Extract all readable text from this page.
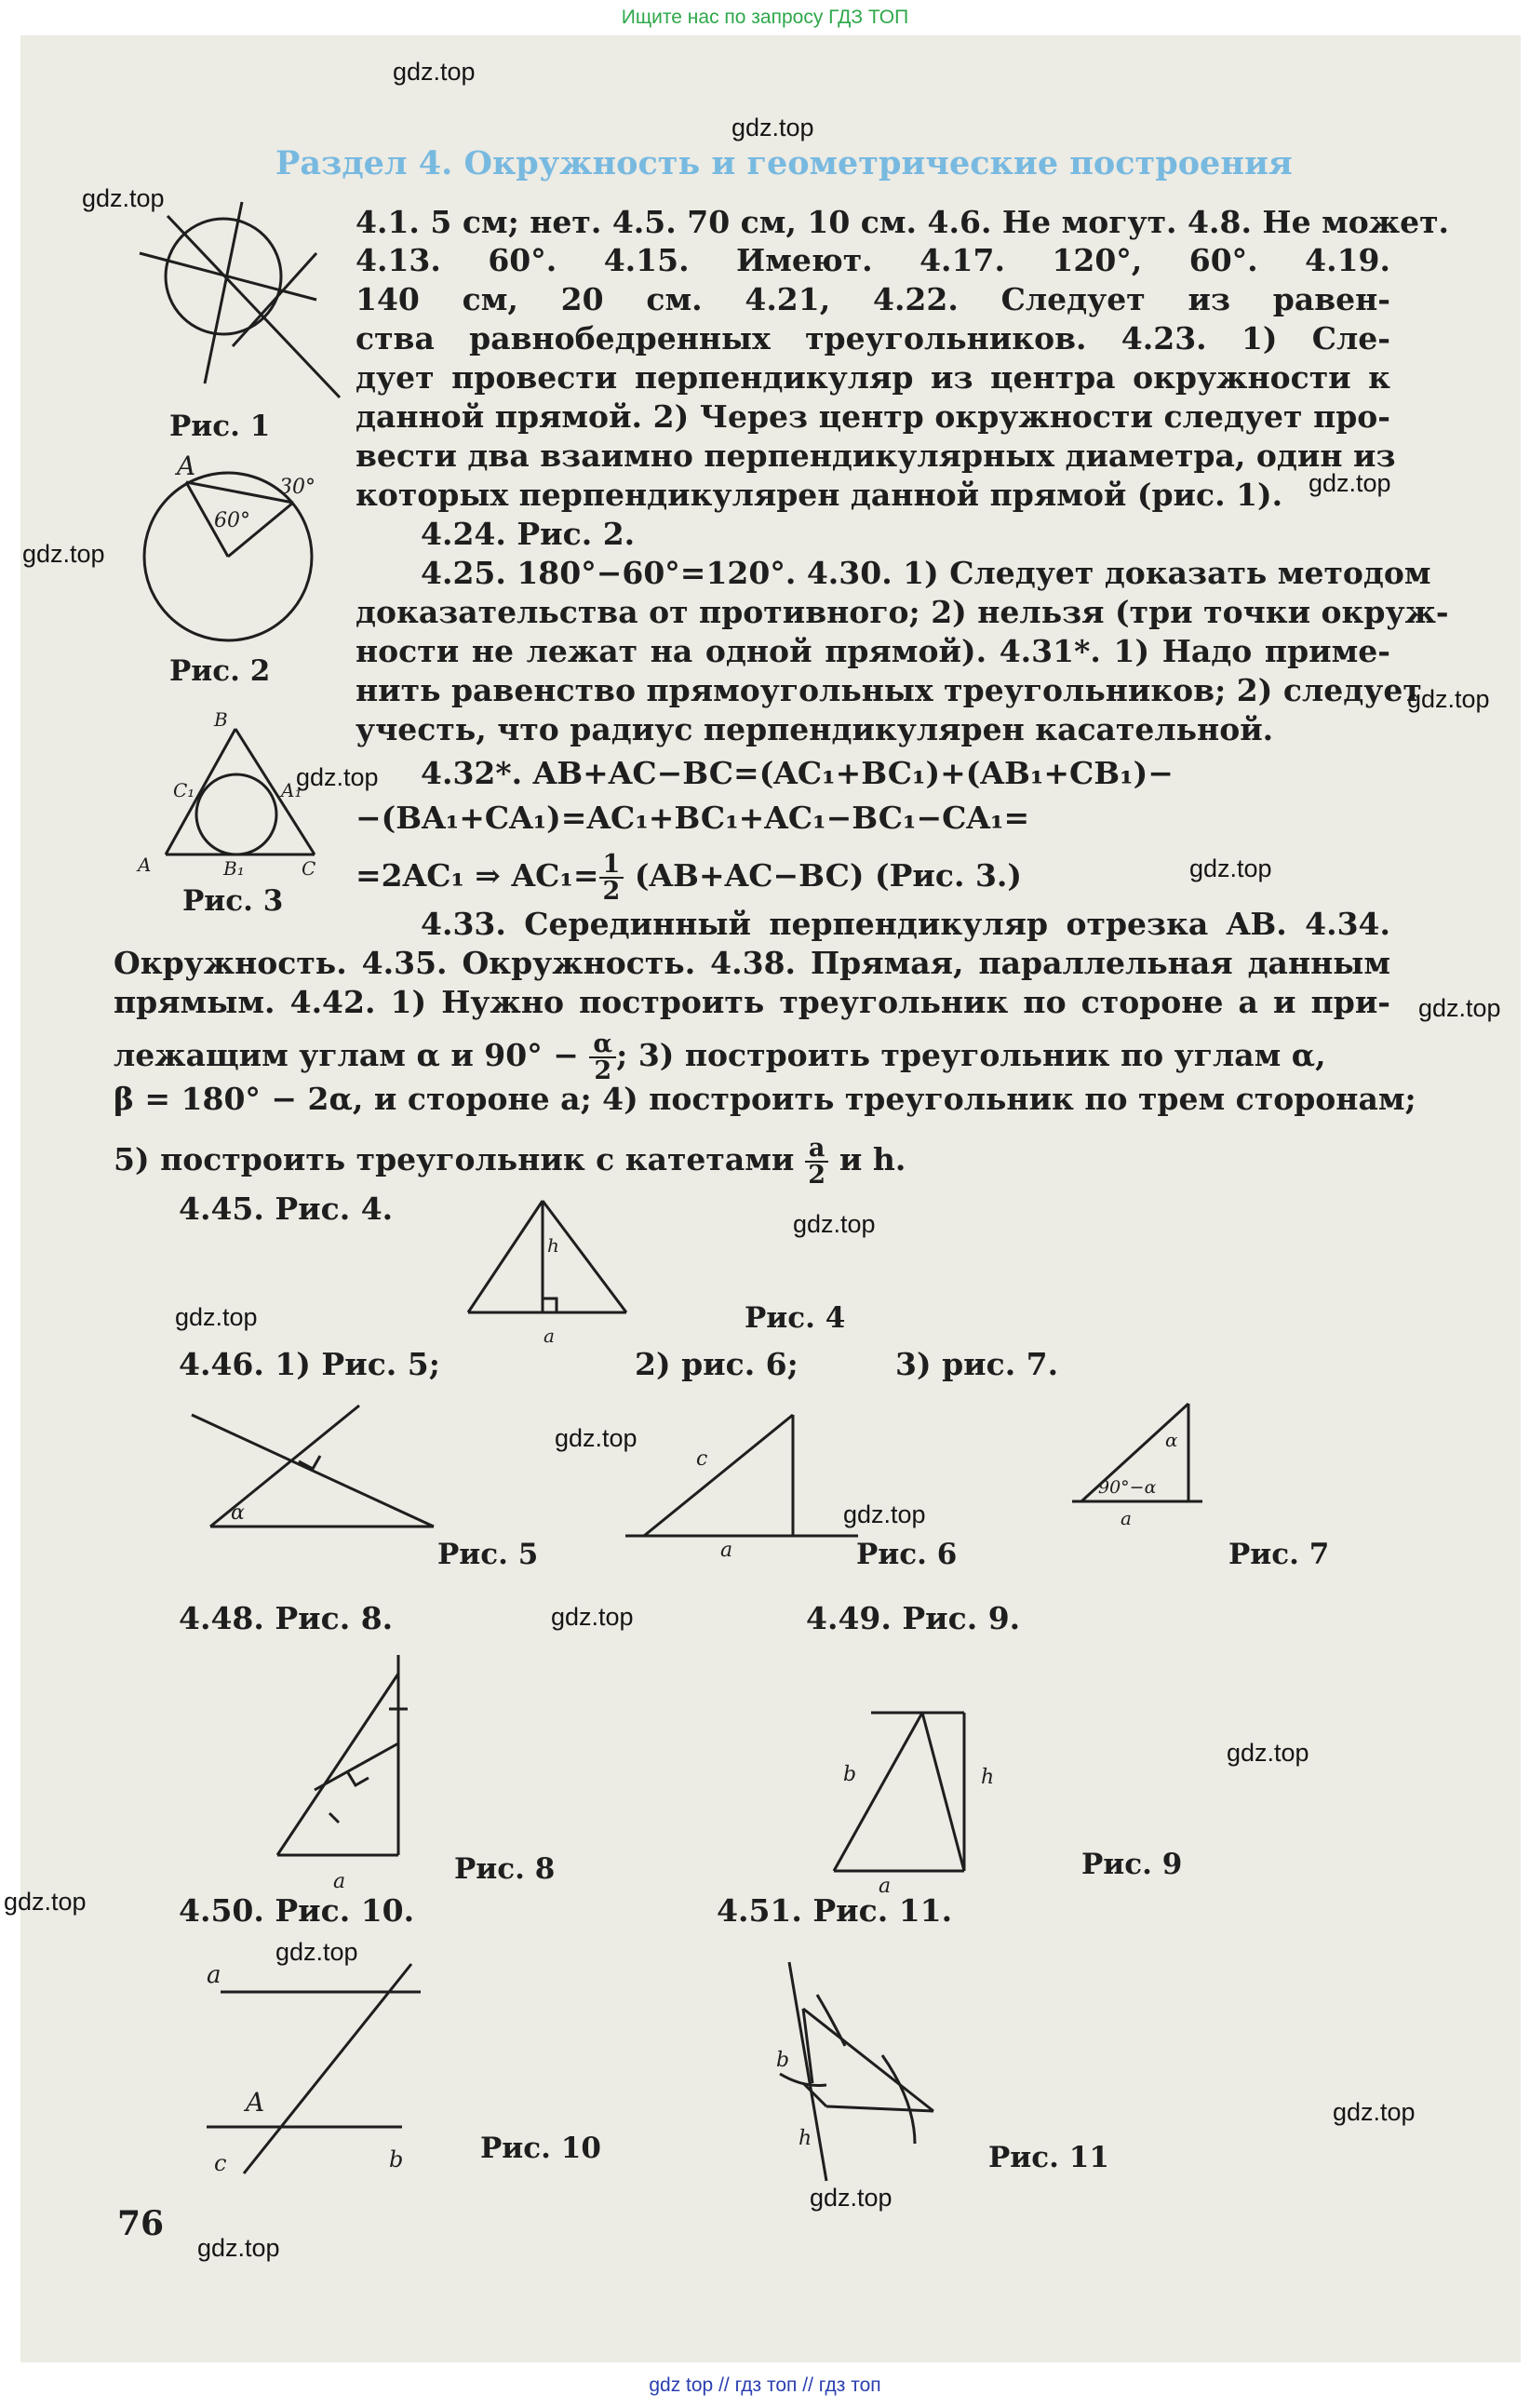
Ищите нас по запросу ГДЗ ТОП
Раздел 4. Окружность и геометрические построения
4.1. 5 см; нет. 4.5. 70 см, 10 см. 4.6. Не могут. 4.8. Не может.
4.13. 60°. 4.15. Имеют. 4.17. 120°, 60°. 4.19.
140 см, 20 см. 4.21, 4.22. Следует из равен-
ства равнобедренных треугольников. 4.23. 1) Сле-
дует провести перпендикуляр из центра окружности к
данной прямой. 2) Через центр окружности следует про-
вести два взаимно перпендикулярных диаметра, один из
которых перпендикулярен данной прямой (рис. 1).
4.24. Рис. 2.
4.25. 180°−60°=120°. 4.30. 1) Следует доказать методом
доказательства от противного; 2) нельзя (три точки окруж-
ности не лежат на одной прямой). 4.31*. 1) Надо приме-
нить равенство прямоугольных треугольников; 2) следует
учесть, что радиус перпендикулярен касательной.
4.32*. AB+AC−BC=(AC₁+BC₁)+(AB₁+CB₁)−
−(BA₁+CA₁)=AC₁+BC₁+AC₁−BC₁−CA₁=
=2AC₁ ⇒ $AC_1= \frac{1}{2} (AB+AC-BC)$ (Рис. 3.)
4.33. Серединный перпендикуляр отрезка AB. 4.34.
Окружность. 4.35. Окружность. 4.38. Прямая, параллельная данным
прямым. 4.42. 1) Нужно построить треугольник по стороне a и при-
лежащим углам α и $90^\circ - \frac{\alpha}{2}$ ; 3) построить треугольник по углам α,
β = 180° − 2α, и стороне a; 4) построить треугольник по трем сторонам;
5) построить треугольник с катетами $\frac{a}{2}$ и h.
4.45. Рис. 4.
4.46. 1) Рис. 5;	2) рис. 6;	3) рис. 7.
4.48. Рис. 8.	4.49. Рис. 9.
4.50. Рис. 10.	4.51. Рис. 11.
Рис. 1
Рис. 2
Рис. 3
Рис. 4
Рис. 5	Рис. 6	Рис. 7
Рис. 8	Рис. 9
Рис. 10	Рис. 11
A
60°
30°
B
C₁	A₁
A	B₁	C
h
a
α
c
a
α
90°−α
a
a
b	h
a
a
A
c	b
b
h
76
gdz.top
gdz.top
gdz.top
gdz.top
gdz.top
gdz.top
gdz.top
gdz.top
gdz.top
gdz.top
gdz.top
gdz.top
gdz.top
gdz.top
gdz.top
gdz.top
gdz.top
gdz.top
gdz.top
gdz.top
gdz top // гдз топ // гдз топ
